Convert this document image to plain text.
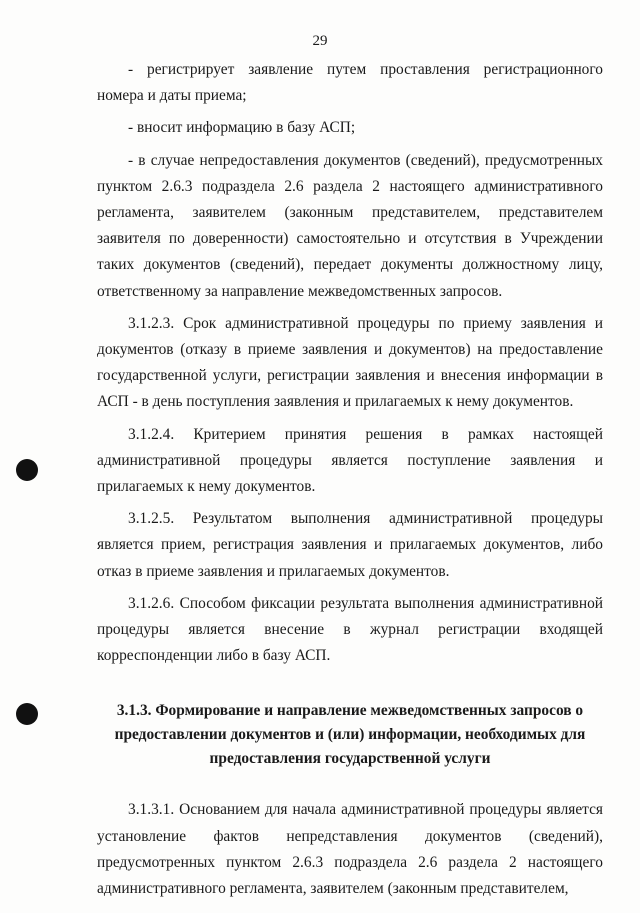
29

- регистрирует заявление путем проставления регистрационного номера и даты приема;

- вносит информацию в базу АСП;

- в случае непредоставления документов (сведений), предусмотренных пунктом 2.6.3 подраздела 2.6 раздела 2 настоящего административного регламента, заявителем (законным представителем, представителем заявителя по доверенности) самостоятельно и отсутствия в Учреждении таких документов (сведений), передает документы должностному лицу, ответственному за направление межведомственных запросов.

3.1.2.3. Срок административной процедуры по приему заявления и документов (отказу в приеме заявления и документов) на предоставление государственной услуги, регистрации заявления и внесения информации в АСП - в день поступления заявления и прилагаемых к нему документов.

3.1.2.4. Критерием принятия решения в рамках настоящей административной процедуры является поступление заявления и прилагаемых к нему документов.

3.1.2.5. Результатом выполнения административной процедуры является прием, регистрация заявления и прилагаемых документов, либо отказ в приеме заявления и прилагаемых документов.

3.1.2.6. Способом фиксации результата выполнения административной процедуры является внесение в журнал регистрации входящей корреспонденции либо в базу АСП.

3.1.3. Формирование и направление межведомственных запросов о
предоставлении документов и (или) информации, необходимых для
предоставления государственной услуги

3.1.3.1. Основанием для начала административной процедуры является установление фактов непредставления документов (сведений), предусмотренных пунктом 2.6.3 подраздела 2.6 раздела 2 настоящего административного регламента, заявителем (законным представителем,
